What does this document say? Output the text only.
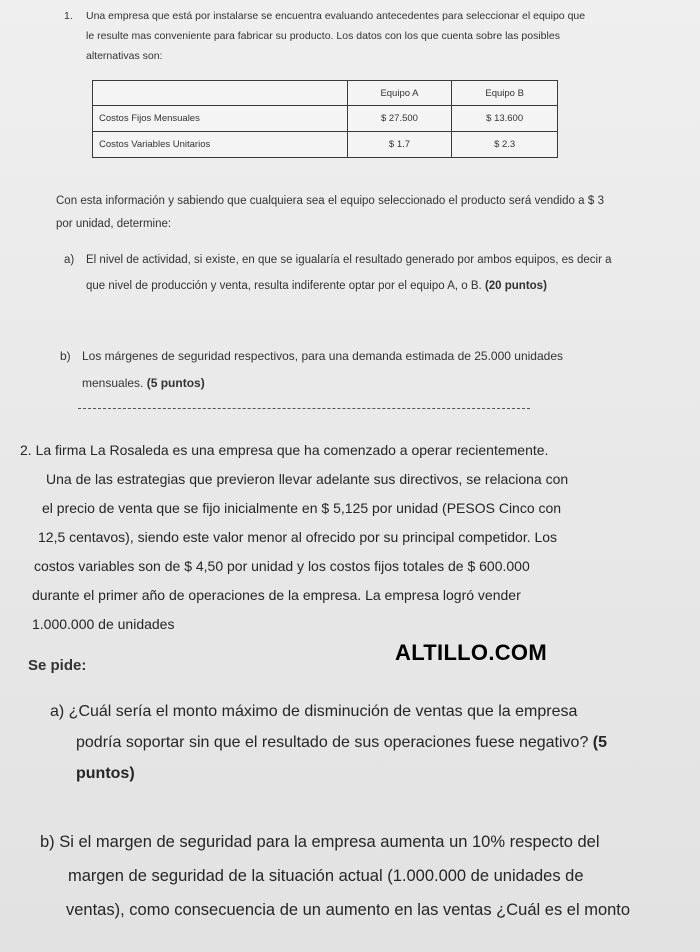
1. Una empresa que está por instalarse se encuentra evaluando antecedentes para seleccionar el equipo que le resulte mas conveniente para fabricar su producto. Los datos con los que cuenta sobre las posibles alternativas son:
	Equipo A	Equipo B
Costos Fijos Mensuales	$ 27.500	$ 13.600
Costos Variables Unitarios	$ 1.7	$ 2.3
Con esta información y sabiendo que cualquiera sea el equipo seleccionado el producto será vendido a $ 3 por unidad, determine:
a)	El nivel de actividad, si existe, en que se igualaría el resultado generado por ambos equipos, es decir a que nivel de producción y venta, resulta indiferente optar por el equipo A, o B. (20 puntos)
b) Los márgenes de seguridad respectivos, para una demanda estimada de 25.000 unidades mensuales. (5 puntos)
2. La firma La Rosaleda es una empresa que ha comenzado a operar recientemente.
Una de las estrategias que previeron llevar adelante sus directivos, se relaciona con
el precio de venta que se fijo inicialmente en $ 5,125 por unidad (PESOS Cinco con
12,5 centavos), siendo este valor menor al ofrecido por su principal competidor. Los
costos variables son de $ 4,50 por unidad y los costos fijos totales de $ 600.000
durante el primer año de operaciones de la empresa. La empresa logró vender
1.000.000 de unidades
ALTILLO.COM
Se pide:
a) ¿Cuál sería el monto máximo de disminución de ventas que la empresa
podría soportar sin que el resultado de sus operaciones fuese negativo? (5
puntos)
b) Si el margen de seguridad para la empresa aumenta un 10% respecto del
margen de seguridad de la situación actual (1.000.000 de unidades de
ventas), como consecuencia de un aumento en las ventas ¿Cuál es el monto
